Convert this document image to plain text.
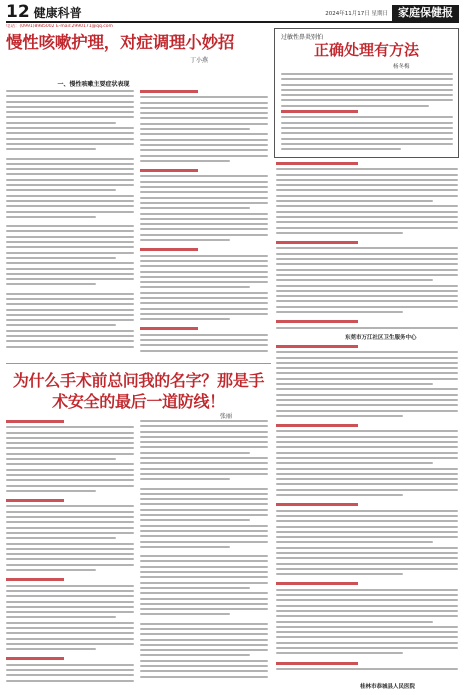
12 健康科普	2024年11月17日 星期日 家庭保健报
电话：(0991)8985002 E-mail:2990171@qq.com
慢性咳嗽护理，对症调理小妙招
丁小燕
一、慢性咳嗽主要症状表现
过敏性鼻炎别怕
正确处理有方法
杨冬梅
东莞市万江社区卫生服务中心
桂林市恭城县人民医院
为什么手术前总问我的名字？那是手术安全的最后一道防线！
张丽
